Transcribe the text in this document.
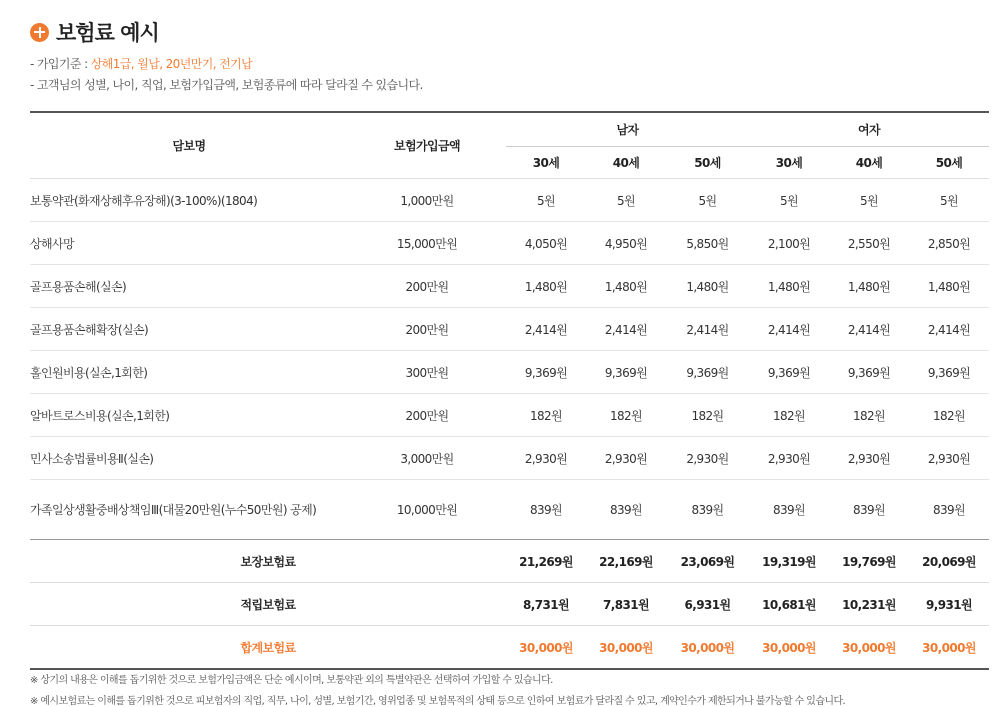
보험료 예시
- 가입기준 : 상해1급, 월납, 20년만기, 전기납
- 고객님의 성별, 나이, 직업, 보험가입금액, 보험종류에 따라 달라질 수 있습니다.
담보명	보험가입금액	남자			여자		
		30세	40세	50세	30세	40세	50세
보통약관(화재상해후유장해)(3-100%)(1804)	1,000만원	5원	5원	5원	5원	5원	5원
상해사망	15,000만원	4,050원	4,950원	5,850원	2,100원	2,550원	2,850원
골프용품손해(실손)	200만원	1,480원	1,480원	1,480원	1,480원	1,480원	1,480원
골프용품손해확장(실손)	200만원	2,414원	2,414원	2,414원	2,414원	2,414원	2,414원
홀인원비용(실손,1회한)	300만원	9,369원	9,369원	9,369원	9,369원	9,369원	9,369원
알바트로스비용(실손,1회한)	200만원	182원	182원	182원	182원	182원	182원
민사소송법률비용Ⅱ(실손)	3,000만원	2,930원	2,930원	2,930원	2,930원	2,930원	2,930원
가족일상생활중배상책임Ⅲ(대물20만원(누수50만원) 공제)	10,000만원	839원	839원	839원	839원	839원	839원
보장보험료		21,269원	22,169원	23,069원	19,319원	19,769원	20,069원
적립보험료		8,731원	7,831원	6,931원	10,681원	10,231원	9,931원
합계보험료		30,000원	30,000원	30,000원	30,000원	30,000원	30,000원
※ 상기의 내용은 이해를 돕기위한 것으로 보험가입금액은 단순 예시이며, 보통약관 외의 특별약관은 선택하여 가입할 수 있습니다.
※ 예시보험료는 이해를 돕기위한 것으로 피보험자의 직업, 직무, 나이, 성별, 보험기간, 영위업종 및 보험목적의 상태 등으로 인하여 보험료가 달라질 수 있고, 계약인수가 제한되거나 불가능할 수 있습니다.
